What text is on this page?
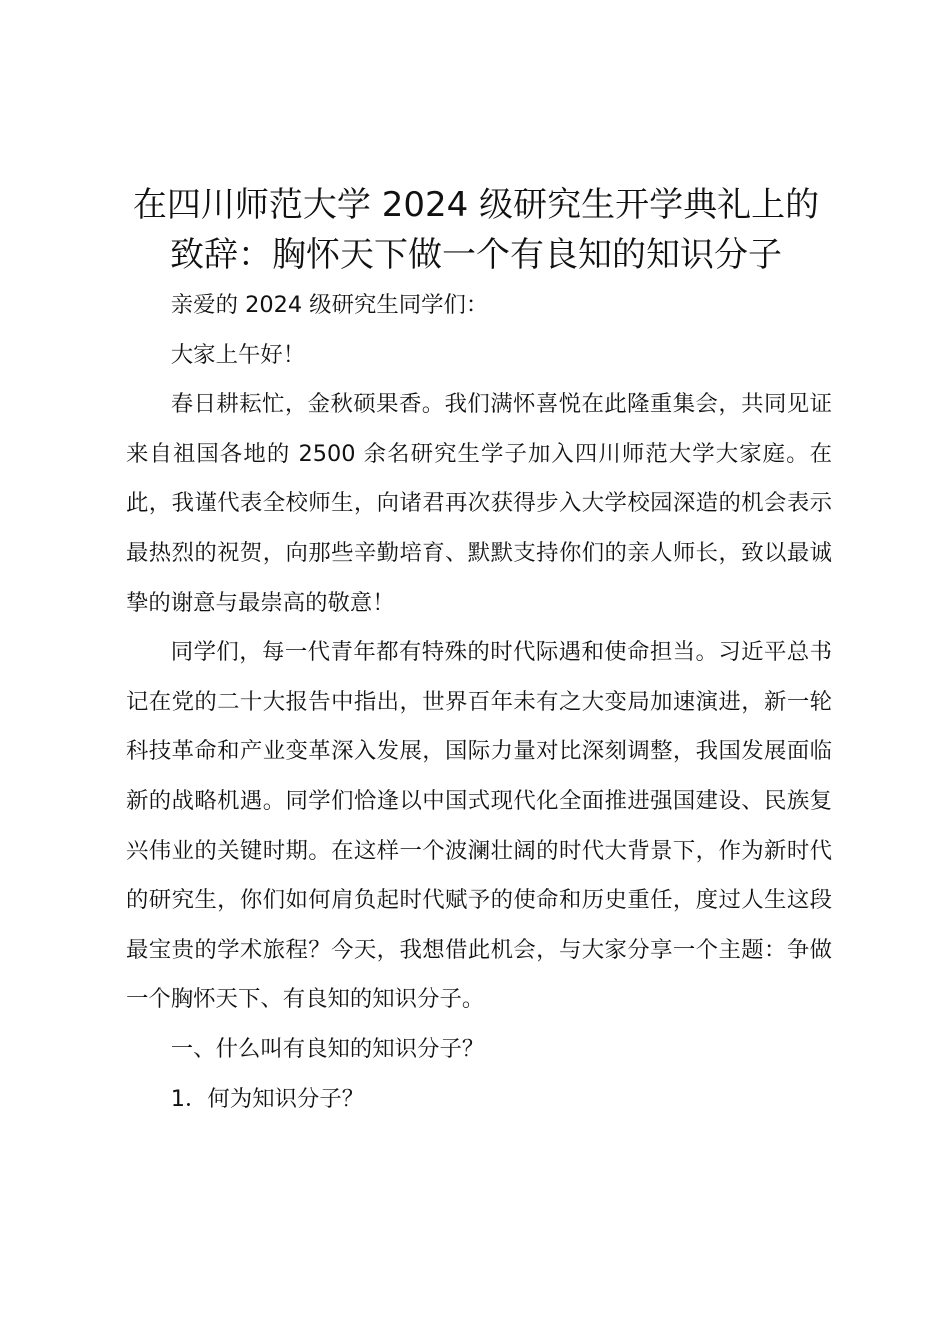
在四川师范大学 2024 级研究生开学典礼上的
致辞：胸怀天下做一个有良知的知识分子

亲爱的 2024 级研究生同学们：

大家上午好！

春日耕耘忙，金秋硕果香。我们满怀喜悦在此隆重集会，共同见证来自祖国各地的 2500 余名研究生学子加入四川师范大学大家庭。在此，我谨代表全校师生，向诸君再次获得步入大学校园深造的机会表示最热烈的祝贺，向那些辛勤培育、默默支持你们的亲人师长，致以最诚挚的谢意与最崇高的敬意！

同学们，每一代青年都有特殊的时代际遇和使命担当。习近平总书记在党的二十大报告中指出，世界百年未有之大变局加速演进，新一轮科技革命和产业变革深入发展，国际力量对比深刻调整，我国发展面临新的战略机遇。同学们恰逢以中国式现代化全面推进强国建设、民族复兴伟业的关键时期。在这样一个波澜壮阔的时代大背景下，作为新时代的研究生，你们如何肩负起时代赋予的使命和历史重任，度过人生这段最宝贵的学术旅程？今天，我想借此机会，与大家分享一个主题：争做一个胸怀天下、有良知的知识分子。

一、什么叫有良知的知识分子？

1．何为知识分子？
